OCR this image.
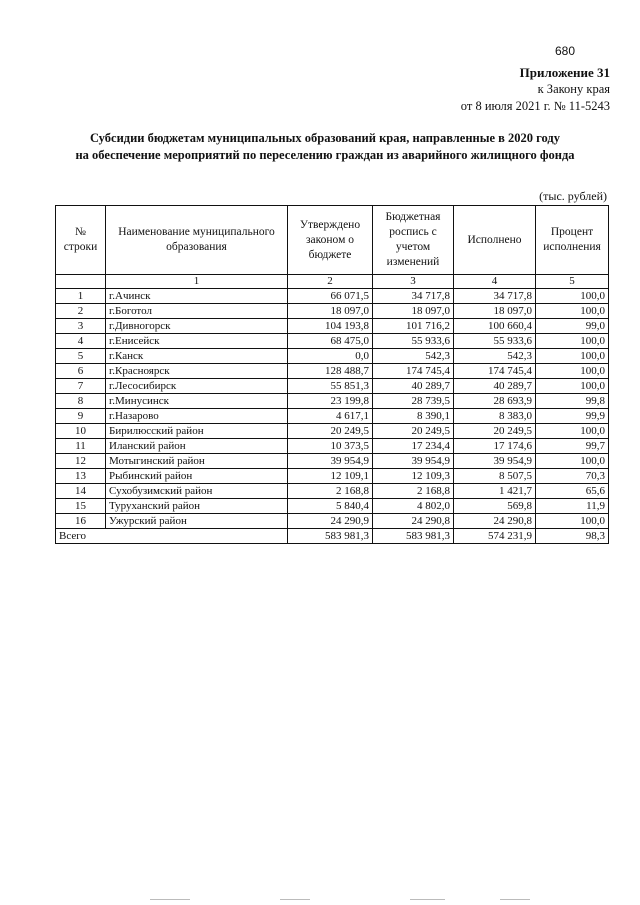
680
Приложение 31
к Закону края
от 8 июля 2021 г. № 11-5243
Субсидии бюджетам муниципальных образований края, направленные в 2020 году
на обеспечение мероприятий по переселению граждан из аварийного жилищного фонда
(тыс. рублей)
№ строки	Наименование муниципального образования	Утверждено законом о бюджете	Бюджетная роспись с учетом изменений	Исполнено	Процент исполнения
	1	2	3	4	5
1	г.Ачинск	66 071,5	34 717,8	34 717,8	100,0
2	г.Боготол	18 097,0	18 097,0	18 097,0	100,0
3	г.Дивногорск	104 193,8	101 716,2	100 660,4	99,0
4	г.Енисейск	68 475,0	55 933,6	55 933,6	100,0
5	г.Канск	0,0	542,3	542,3	100,0
6	г.Красноярск	128 488,7	174 745,4	174 745,4	100,0
7	г.Лесосибирск	55 851,3	40 289,7	40 289,7	100,0
8	г.Минусинск	23 199,8	28 739,5	28 693,9	99,8
9	г.Назарово	4 617,1	8 390,1	8 383,0	99,9
10	Бирилюсский район	20 249,5	20 249,5	20 249,5	100,0
11	Иланский район	10 373,5	17 234,4	17 174,6	99,7
12	Мотыгинский район	39 954,9	39 954,9	39 954,9	100,0
13	Рыбинский район	12 109,1	12 109,3	8 507,5	70,3
14	Сухобузимский район	2 168,8	2 168,8	1 421,7	65,6
15	Туруханский район	5 840,4	4 802,0	569,8	11,9
16	Ужурский район	24 290,9	24 290,8	24 290,8	100,0
Всего		583 981,3	583 981,3	574 231,9	98,3
